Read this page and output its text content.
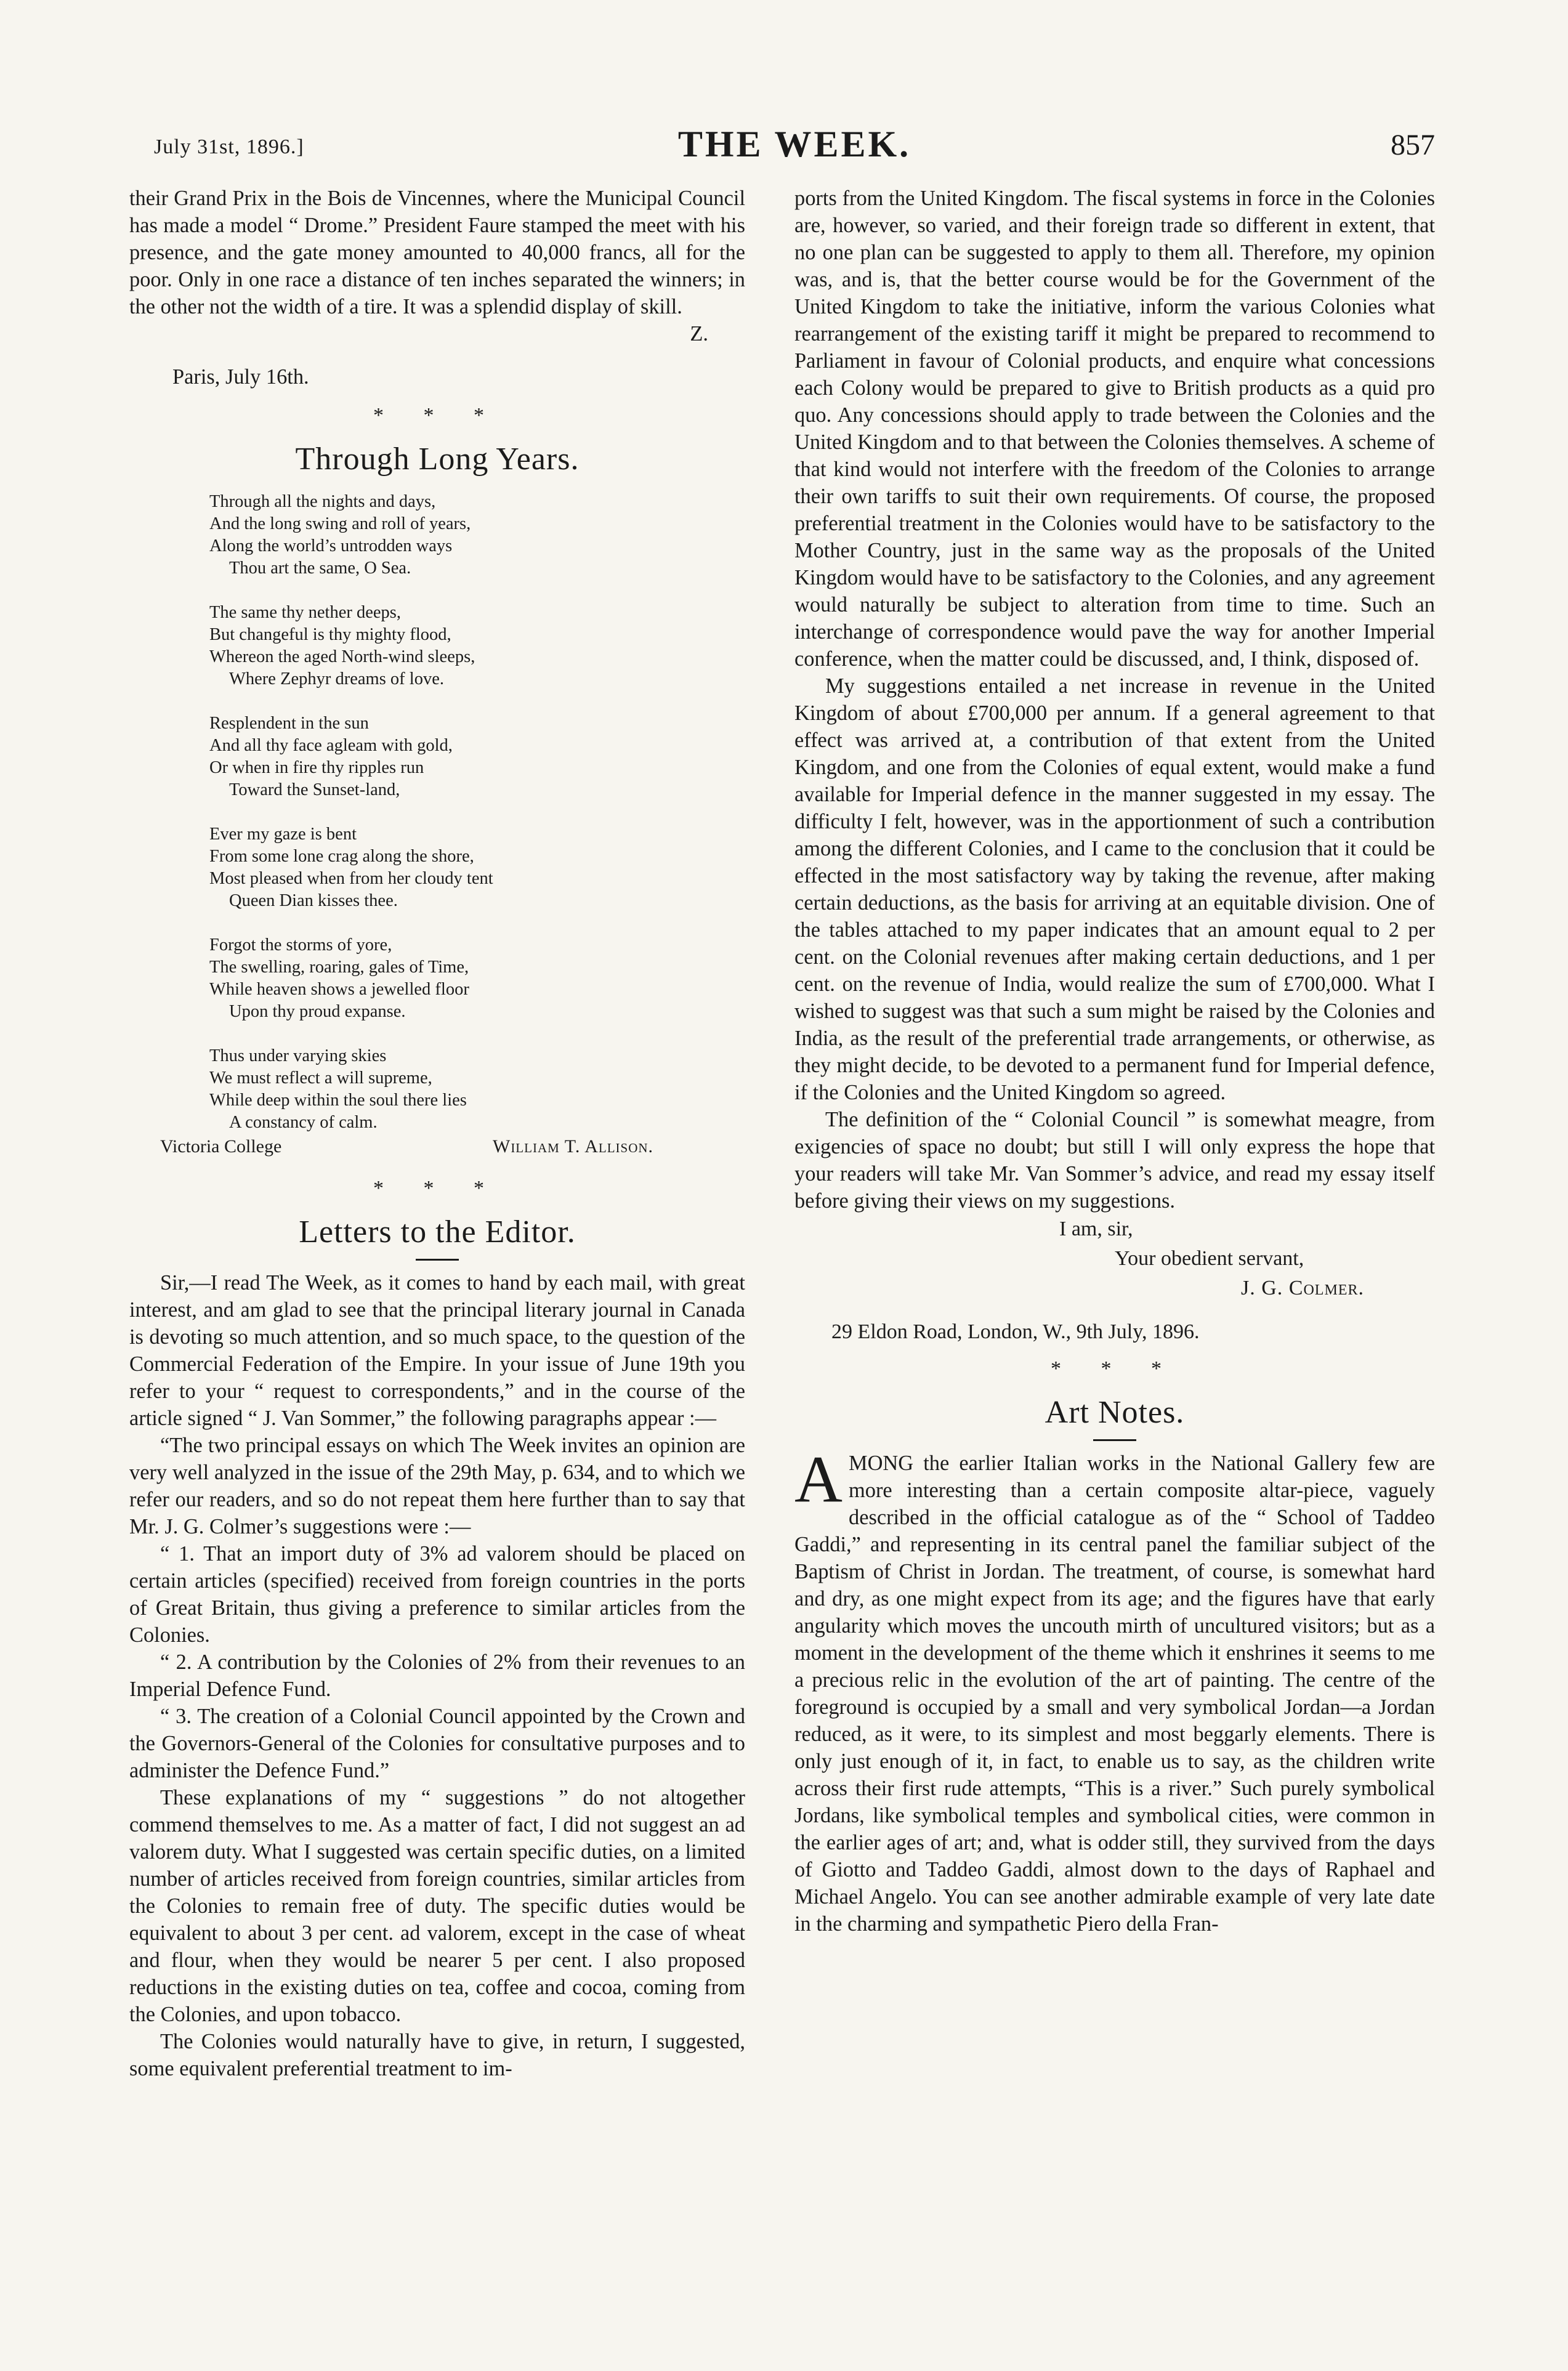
July 31st, 1896.]	THE WEEK.	857

their Grand Prix in the Bois de Vincennes, where the Municipal Council has made a model “ Drome.” President Faure stamped the meet with his presence, and the gate money amounted to 40,000 francs, all for the poor. Only in one race a distance of ten inches separated the winners; in the other not the width of a tire. It was a splendid display of skill.

Z.

Paris, July 16th.

* * *
Through Long Years.
Through all the nights and days,
And the long swing and roll of years,
Along the world’s untrodden ways
Thou art the same, O Sea.
The same thy nether deeps,
But changeful is thy mighty flood,
Whereon the aged North-wind sleeps,
Where Zephyr dreams of love.
Resplendent in the sun
And all thy face agleam with gold,
Or when in fire thy ripples run
Toward the Sunset-land,
Ever my gaze is bent
From some lone crag along the shore,
Most pleased when from her cloudy tent
Queen Dian kisses thee.
Forgot the storms of yore,
The swelling, roaring, gales of Time,
While heaven shows a jewelled floor
Upon thy proud expanse.
Thus under varying skies
We must reflect a will supreme,
While deep within the soul there lies
A constancy of calm.
Victoria College	William T. Allison.
* * *
Letters to the Editor.

Sir,—I read The Week, as it comes to hand by each mail, with great interest, and am glad to see that the principal literary journal in Canada is devoting so much attention, and so much space, to the question of the Commercial Federation of the Empire. In your issue of June 19th you refer to your “ request to correspondents,” and in the course of the article signed “ J. Van Sommer,” the following paragraphs appear :—

“The two principal essays on which The Week invites an opinion are very well analyzed in the issue of the 29th May, p. 634, and to which we refer our readers, and so do not repeat them here further than to say that Mr. J. G. Colmer’s suggestions were :—

“ 1. That an import duty of 3% ad valorem should be placed on certain articles (specified) received from foreign countries in the ports of Great Britain, thus giving a preference to similar articles from the Colonies.

“ 2. A contribution by the Colonies of 2% from their revenues to an Imperial Defence Fund.

“ 3. The creation of a Colonial Council appointed by the Crown and the Governors-General of the Colonies for consultative purposes and to administer the Defence Fund.”

These explanations of my “ suggestions ” do not altogether commend themselves to me. As a matter of fact, I did not suggest an ad valorem duty. What I suggested was certain specific duties, on a limited number of articles received from foreign countries, similar articles from the Colonies to remain free of duty. The specific duties would be equivalent to about 3 per cent. ad valorem, except in the case of wheat and flour, when they would be nearer 5 per cent. I also proposed reductions in the existing duties on tea, coffee and cocoa, coming from the Colonies, and upon tobacco.

The Colonies would naturally have to give, in return, I suggested, some equivalent preferential treatment to im-

ports from the United Kingdom. The fiscal systems in force in the Colonies are, however, so varied, and their foreign trade so different in extent, that no one plan can be suggested to apply to them all. Therefore, my opinion was, and is, that the better course would be for the Government of the United Kingdom to take the initiative, inform the various Colonies what rearrangement of the existing tariff it might be prepared to recommend to Parliament in favour of Colonial products, and enquire what concessions each Colony would be prepared to give to British products as a quid pro quo. Any concessions should apply to trade between the Colonies and the United Kingdom and to that between the Colonies themselves. A scheme of that kind would not interfere with the freedom of the Colonies to arrange their own tariffs to suit their own requirements. Of course, the proposed preferential treatment in the Colonies would have to be satisfactory to the Mother Country, just in the same way as the proposals of the United Kingdom would have to be satisfactory to the Colonies, and any agreement would naturally be subject to alteration from time to time. Such an interchange of correspondence would pave the way for another Imperial conference, when the matter could be discussed, and, I think, disposed of.

My suggestions entailed a net increase in revenue in the United Kingdom of about £700,000 per annum. If a general agreement to that effect was arrived at, a contribution of that extent from the United Kingdom, and one from the Colonies of equal extent, would make a fund available for Imperial defence in the manner suggested in my essay. The difficulty I felt, however, was in the apportionment of such a contribution among the different Colonies, and I came to the conclusion that it could be effected in the most satisfactory way by taking the revenue, after making certain deductions, as the basis for arriving at an equitable division. One of the tables attached to my paper indicates that an amount equal to 2 per cent. on the Colonial revenues after making certain deductions, and 1 per cent. on the revenue of India, would realize the sum of £700,000. What I wished to suggest was that such a sum might be raised by the Colonies and India, as the result of the preferential trade arrangements, or otherwise, as they might decide, to be devoted to a permanent fund for Imperial defence, if the Colonies and the United Kingdom so agreed.

The definition of the “ Colonial Council ” is somewhat meagre, from exigencies of space no doubt; but still I will only express the hope that your readers will take Mr. Van Sommer’s advice, and read my essay itself before giving their views on my suggestions.

I am, sir,
Your obedient servant,
J. G. Colmer.
29 Eldon Road, London, W., 9th July, 1896.
* * *
Art Notes.

A MONG the earlier Italian works in the National Gallery few are more interesting than a certain composite altar-piece, vaguely described in the official catalogue as of the “ School of Taddeo Gaddi,” and representing in its central panel the familiar subject of the Baptism of Christ in Jordan. The treatment, of course, is somewhat hard and dry, as one might expect from its age; and the figures have that early angularity which moves the uncouth mirth of uncultured visitors; but as a moment in the development of the theme which it enshrines it seems to me a precious relic in the evolution of the art of painting. The centre of the foreground is occupied by a small and very symbolical Jordan—a Jordan reduced, as it were, to its simplest and most beggarly elements. There is only just enough of it, in fact, to enable us to say, as the children write across their first rude attempts, “This is a river.” Such purely symbolical Jordans, like symbolical temples and symbolical cities, were common in the earlier ages of art; and, what is odder still, they survived from the days of Giotto and Taddeo Gaddi, almost down to the days of Raphael and Michael Angelo. You can see another admirable example of very late date in the charming and sympathetic Piero della Fran-
